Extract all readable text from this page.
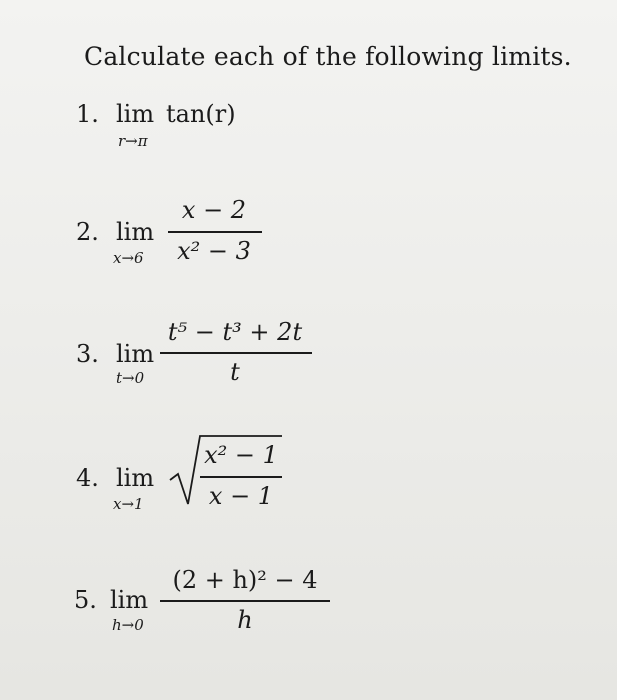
Calculate each of the following limits.
1. lim
r→π
tan(r)
2. lim
x→6
x − 2
x² − 3
3. lim
t→0
t⁵ − t³ + 2t
t
4. lim
x→1
x² − 1
x − 1
5. lim
h→0
(2 + h)² − 4
h
